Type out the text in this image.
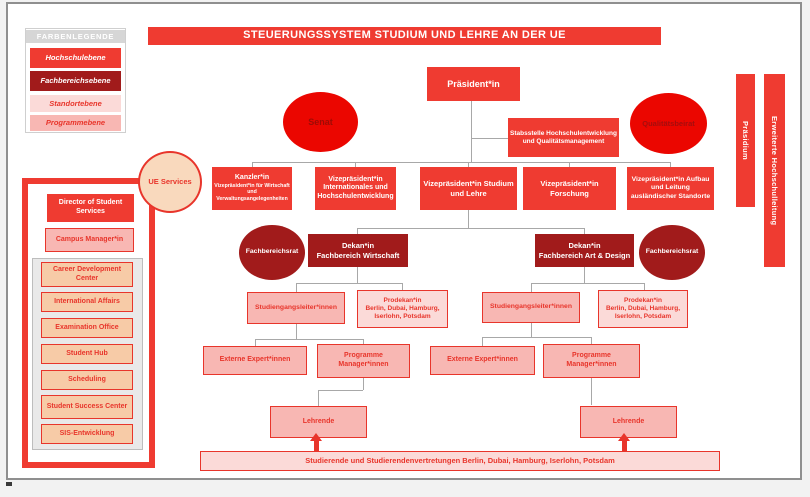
STEUERUNGSSYSTEM STUDIUM UND LEHRE AN DER UE
FARBENLEGENDE
Hochschulebene
Fachbereichsebene
Standortebene
Programmebene
UE Services
Director of Student Services
Campus Manager*in
Career Development Center
International Affairs
Examination Office
Student Hub
Scheduling
Student Success Center
SIS-Entwicklung
Präsident*in
Senat
Stabsstelle Hochschulentwicklung und Qualitätsmanagement
Qualitätsbeirat
Kanzler*in
Vizepräsident*in für Wirtschaft und Verwaltungsangelegenheiten
Vizepräsident*in Internationales und Hochschulentwicklung
Vizepräsident*in Studium und Lehre
Vizepräsident*in Forschung
Vizepräsident*in Aufbau und Leitung ausländischer Standorte
Präsidium	Erweiterte Hochschulleitung
Fachbereichsrat
Dekan*in
Fachbereich Wirtschaft
Dekan*in
Fachbereich Art & Design Fachbereichsrat
Studiengangsleiter*innen
Prodekan*in
Berlin, Dubai, Hamburg, Iserlohn, Potsdam
Studiengangsleiter*innen
Prodekan*in
Berlin, Dubai, Hamburg, Iserlohn, Potsdam
Externe Expert*innen
Programme Manager*innen
Externe Expert*innen
Programme Manager*innen
Lehrende	Lehrende
Studierende und Studierendenvertretungen Berlin, Dubai, Hamburg, Iserlohn, Potsdam
